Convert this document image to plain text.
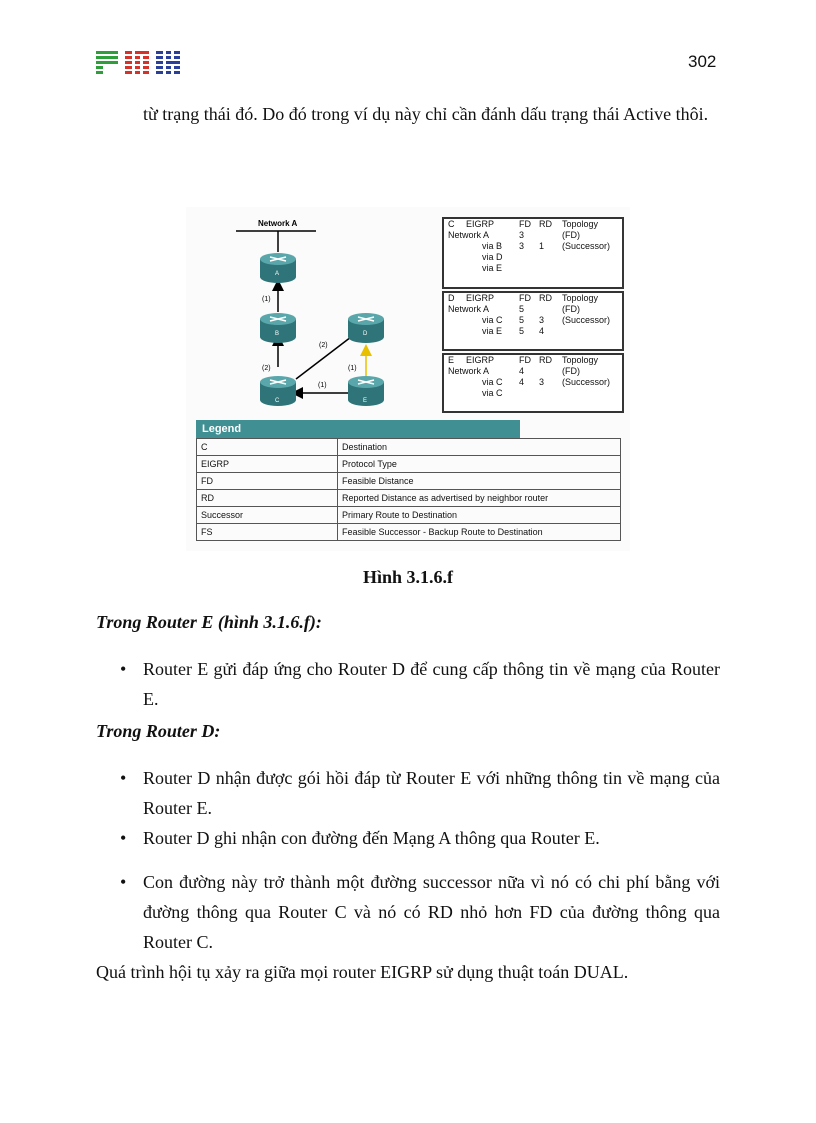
302
từ trạng thái đó. Do đó trong ví dụ này chỉ cần đánh dấu trạng thái Active thôi.
Network A
(1)
(2)
(2)
(1)
(1)
A
B
C
D
E
C EIGRP	FD RD Topology
Network A	3	(FD)
via B 3 1 (Successor)
via D
via E
D EIGRP	FD RD Topology
Network A	5	(FD)
via C 5 3 (Successor)
via E 5 4
E EIGRP	FD RD Topology
Network A	4	(FD)
via C 4 3 (Successor)
via C
Legend
C	Destination
EIGRP	Protocol Type
FD	Feasible Distance
RD	Reported Distance as advertised by neighbor router
Successor	Primary Route to Destination
FS	Feasible Successor - Backup Route to Destination
Hình 3.1.6.f
Trong Router E (hình 3.1.6.f):
• Router E gửi đáp ứng cho Router D để cung cấp thông tin về mạng của Router E.
Trong Router D:
• Router D nhận được gói hồi đáp từ Router E với những thông tin về mạng của Router E.
• Router D ghi nhận con đường đến Mạng A thông qua Router E.
• Con đường này trở thành một đường successor nữa vì nó có chi phí bằng với đường thông qua Router C và nó có RD nhỏ hơn FD của đường thông qua Router C.
Quá trình hội tụ xảy ra giữa mọi router EIGRP sử dụng thuật toán DUAL.
